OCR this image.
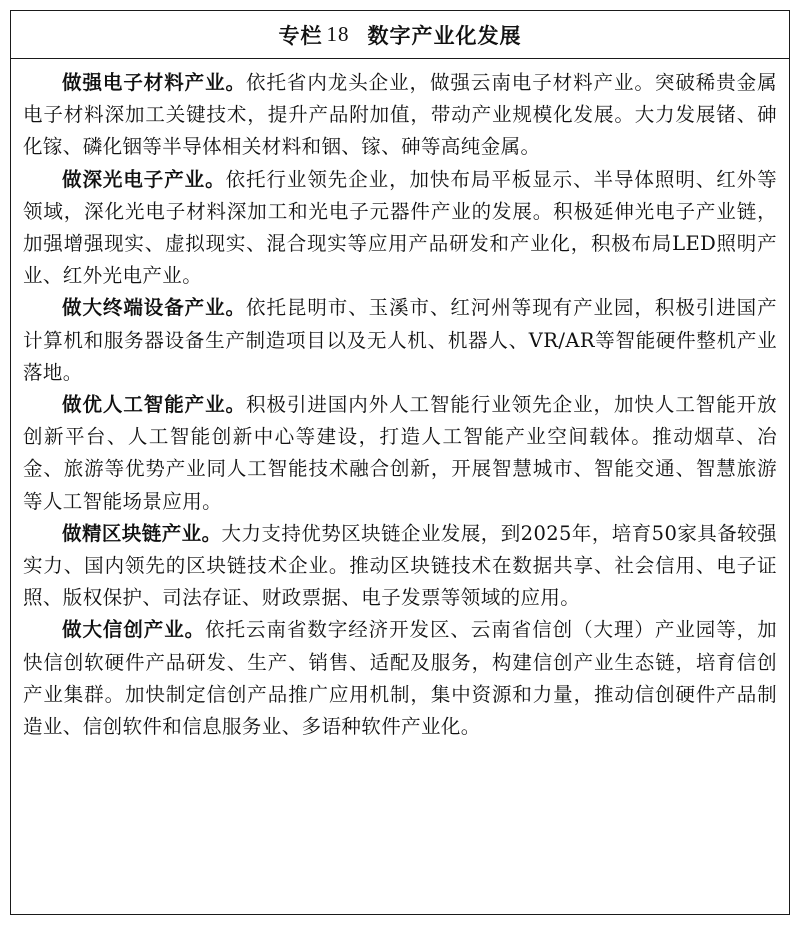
专栏 18 数字产业化发展

做强电子材料产业。依托省内龙头企业，做强云南电子材料产业。突破稀贵金属电子材料深加工关键技术，提升产品附加值，带动产业规模化发展。大力发展锗、砷化镓、磷化铟等半导体相关材料和铟、镓、砷等高纯金属。

做深光电子产业。依托行业领先企业，加快布局平板显示、半导体照明、红外等领域，深化光电子材料深加工和光电子元器件产业的发展。积极延伸光电子产业链，加强增强现实、虚拟现实、混合现实等应用产品研发和产业化，积极布局LED照明产业、红外光电产业。

做大终端设备产业。依托昆明市、玉溪市、红河州等现有产业园，积极引进国产计算机和服务器设备生产制造项目以及无人机、机器人、VR/AR等智能硬件整机产业落地。

做优人工智能产业。积极引进国内外人工智能行业领先企业，加快人工智能开放创新平台、人工智能创新中心等建设，打造人工智能产业空间载体。推动烟草、冶金、旅游等优势产业同人工智能技术融合创新，开展智慧城市、智能交通、智慧旅游等人工智能场景应用。

做精区块链产业。大力支持优势区块链企业发展，到2025年，培育50家具备较强实力、国内领先的区块链技术企业。推动区块链技术在数据共享、社会信用、电子证照、版权保护、司法存证、财政票据、电子发票等领域的应用。

做大信创产业。依托云南省数字经济开发区、云南省信创（大理）产业园等，加快信创软硬件产品研发、生产、销售、适配及服务，构建信创产业生态链，培育信创产业集群。加快制定信创产品推广应用机制，集中资源和力量，推动信创硬件产品制造业、信创软件和信息服务业、多语种软件产业化。
